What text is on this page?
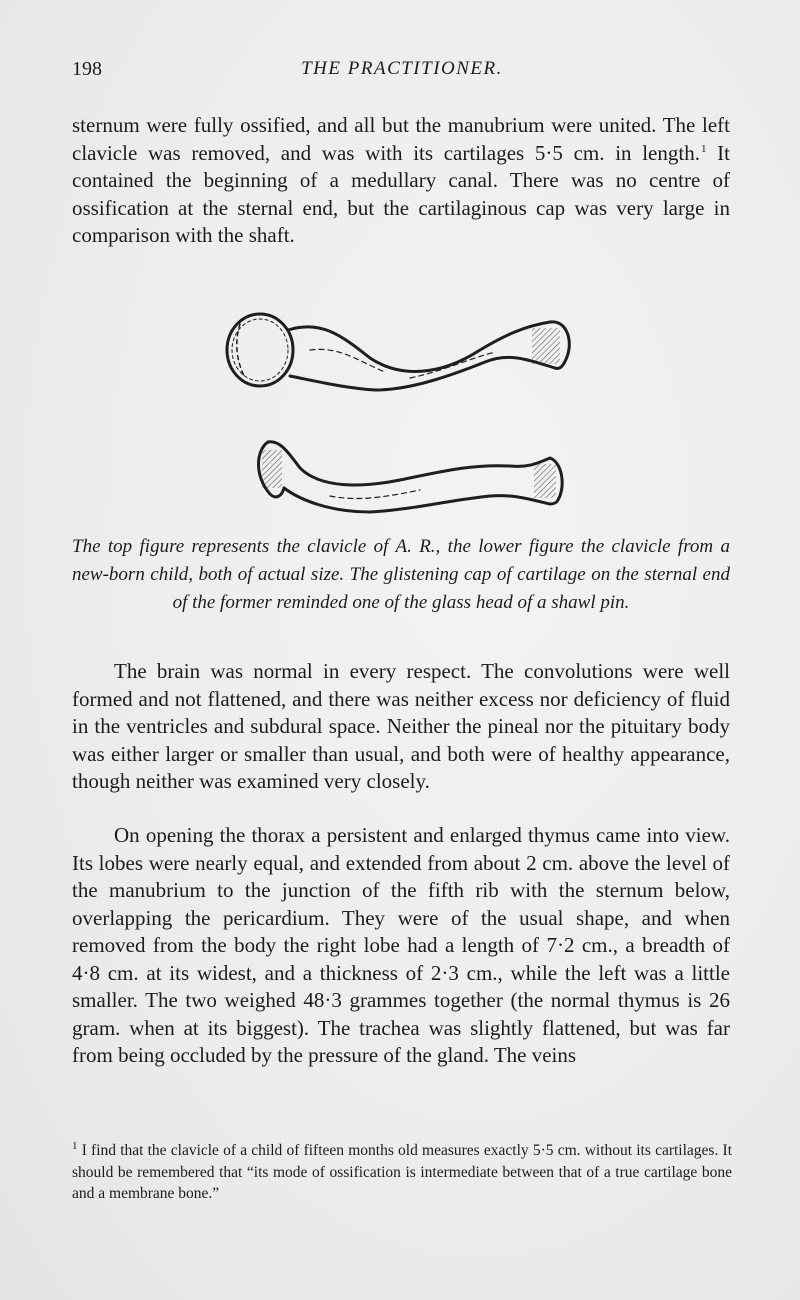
198	THE PRACTITIONER.

sternum were fully ossified, and all but the manubrium were united. The left clavicle was removed, and was with its cartilages 5·5 cm. in length.$^1$ It contained the beginning of a medullary canal. There was no centre of ossification at the sternal end, but the cartilaginous cap was very large in comparison with the shaft.

The top figure represents the clavicle of A. R., the lower figure the clavicle from a new-born child, both of actual size. The glistening cap of cartilage on the sternal end of the former reminded one of the glass head of a shawl pin.

The brain was normal in every respect. The convolutions were well formed and not flattened, and there was neither excess nor deficiency of fluid in the ventricles and subdural space. Neither the pineal nor the pituitary body was either larger or smaller than usual, and both were of healthy appearance, though neither was examined very closely.

On opening the thorax a persistent and enlarged thymus came into view. Its lobes were nearly equal, and extended from about 2 cm. above the level of the manubrium to the junction of the fifth rib with the sternum below, overlapping the pericardium. They were of the usual shape, and when removed from the body the right lobe had a length of 7·2 cm., a breadth of 4·8 cm. at its widest, and a thickness of 2·3 cm., while the left was a little smaller. The two weighed 48·3 grammes together (the normal thymus is 26 gram. when at its biggest). The trachea was slightly flattened, but was far from being occluded by the pressure of the gland. The veins

$^1$ I find that the clavicle of a child of fifteen months old measures exactly 5·5 cm. without its cartilages. It should be remembered that “its mode of ossification is intermediate between that of a true cartilage bone and a membrane bone.”
